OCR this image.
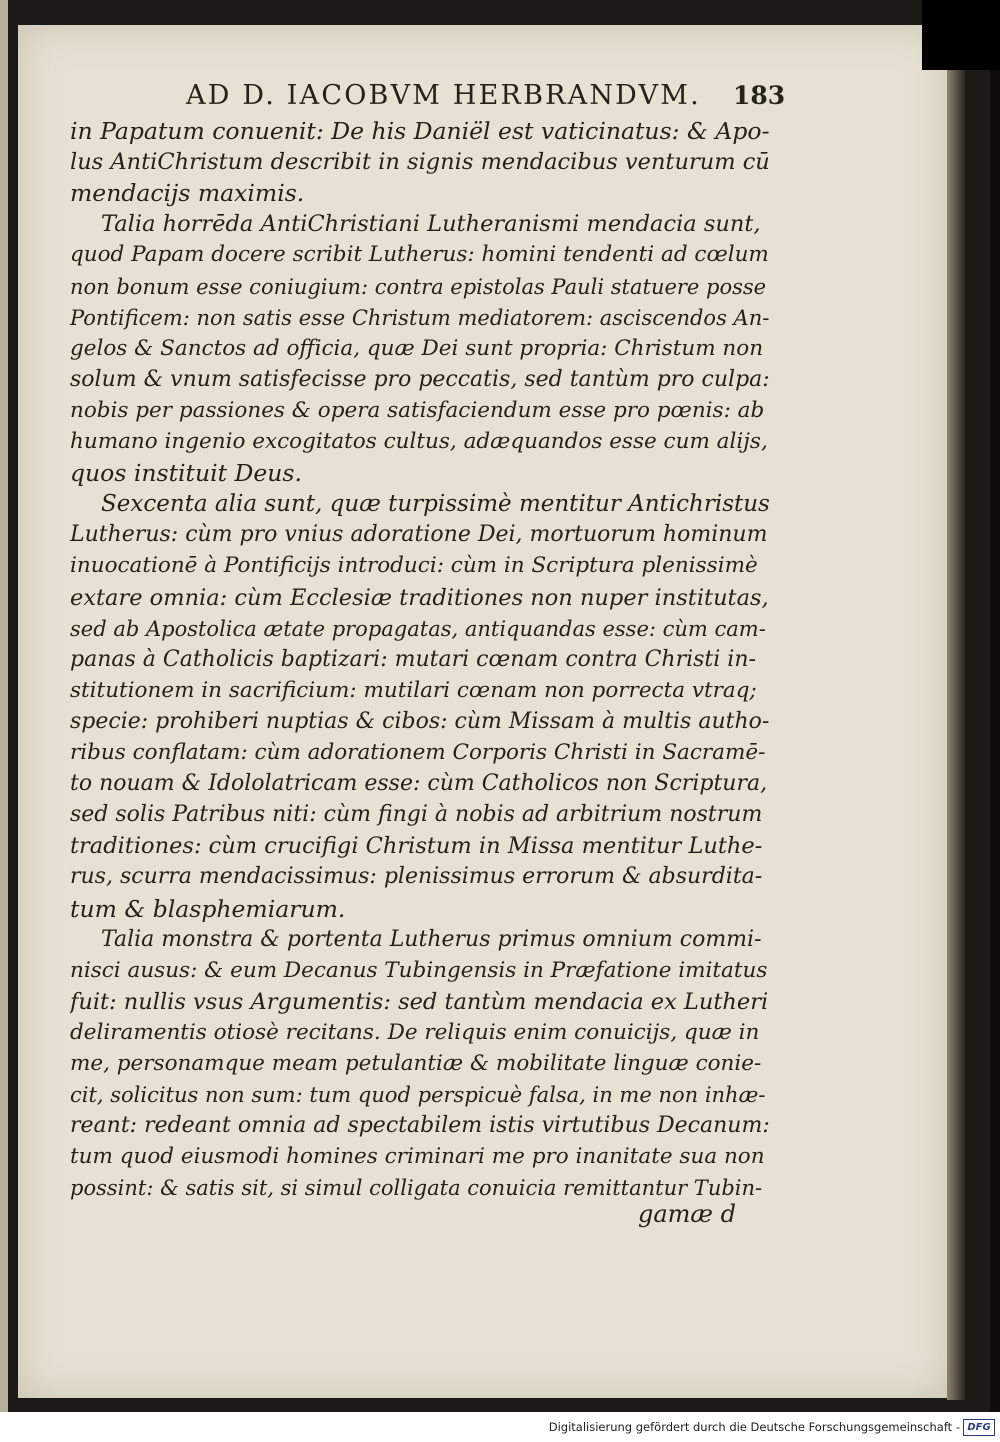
AD D. IACOBVM HERBRANDVM.	183
in Papatum conuenit: De his Daniël est vaticinatus: & Apo-
lus AntiChristum describit in signis mendacibus venturum cū
mendacijs maximis.
Talia horrēda AntiChristiani Lutheranismi mendacia sunt,
quod Papam docere scribit Lutherus: homini tendenti ad cœlum
non bonum esse coniugium: contra epistolas Pauli statuere posse
Pontificem: non satis esse Christum mediatorem: asciscendos An-
gelos & Sanctos ad officia, quæ Dei sunt propria: Christum non
solum & vnum satisfecisse pro peccatis, sed tantùm pro culpa:
nobis per passiones & opera satisfaciendum esse pro pœnis: ab
humano ingenio excogitatos cultus, adæquandos esse cum alijs,
quos instituit Deus.
Sexcenta alia sunt, quæ turpissimè mentitur Antichristus
Lutherus: cùm pro vnius adoratione Dei, mortuorum hominum
inuocationē à Pontificijs introduci: cùm in Scriptura plenissimè
extare omnia: cùm Ecclesiæ traditiones non nuper institutas,
sed ab Apostolica ætate propagatas, antiquandas esse: cùm cam-
panas à Catholicis baptizari: mutari cœnam contra Christi in-
stitutionem in sacrificium: mutilari cœnam non porrecta vtraq;
specie: prohiberi nuptias & cibos: cùm Missam à multis autho-
ribus conflatam: cùm adorationem Corporis Christi in Sacramē-
to nouam & Idololatricam esse: cùm Catholicos non Scriptura,
sed solis Patribus niti: cùm fingi à nobis ad arbitrium nostrum
traditiones: cùm crucifigi Christum in Missa mentitur Luthe-
rus, scurra mendacissimus: plenissimus errorum & absurdita-
tum & blasphemiarum.
Talia monstra & portenta Lutherus primus omnium commi-
nisci ausus: & eum Decanus Tubingensis in Præfatione imitatus
fuit: nullis vsus Argumentis: sed tantùm mendacia ex Lutheri
deliramentis otiosè recitans. De reliquis enim conuicijs, quæ in
me, personamque meam petulantiæ & mobilitate linguæ conie-
cit, solicitus non sum: tum quod perspicuè falsa, in me non inhæ-
reant: redeant omnia ad spectabilem istis virtutibus Decanum:
tum quod eiusmodi homines criminari me pro inanitate sua non
possint: & satis sit, si simul colligata conuicia remittantur Tubin-
gamæ d
Digitalisierung gefördert durch die Deutsche Forschungsgemeinschaft - DFG
